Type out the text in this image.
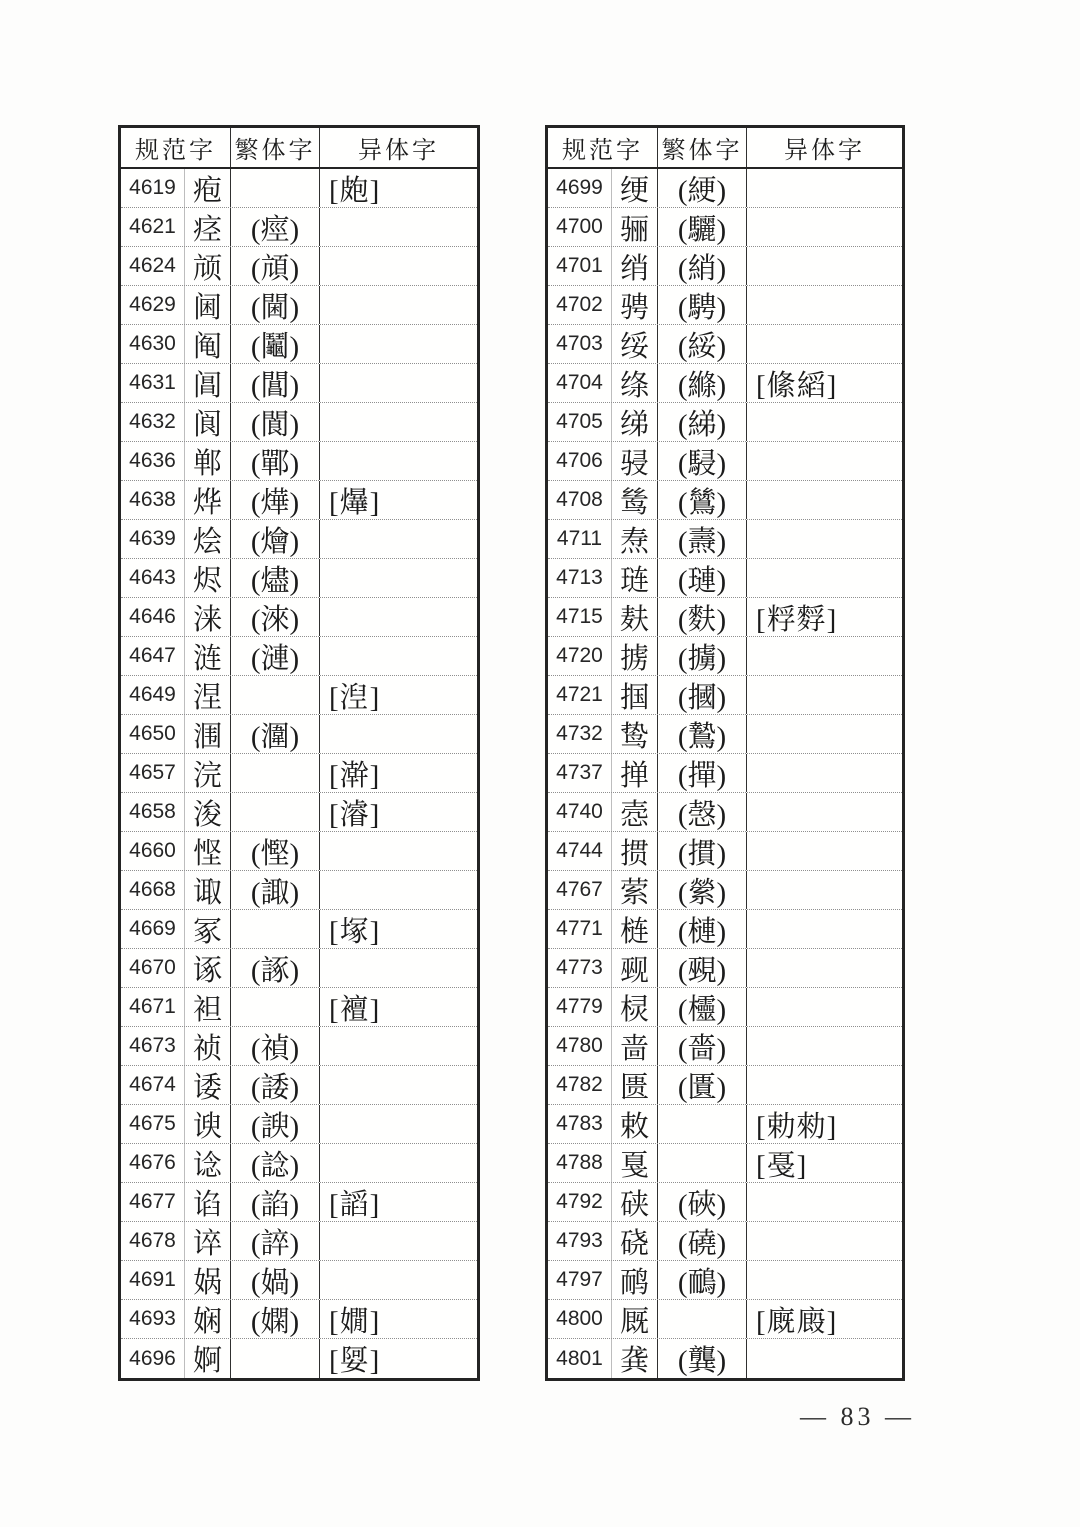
规范字 繁体字	异体字
4619 疱	[皰]
4621 痉 (痙)
4624 颃 (頏)
4629 阃 (閫)
4630 阄 (鬮)
4631 阊 (閶)
4632 阆 (閬)
4636 郸 (鄲)
4638 烨 (燁)	[爗]
4639 烩 (燴)
4643 烬 (燼)
4646 涞 (淶)
4647 涟 (漣)
4649 涅	[湼]
4650 涠 (潿)
4657 浣	[澣]
4658 浚	[濬]
4660 悭 (慳)
4668 诹 (諏)
4669 冢	[塚]
4670 诼 (諑)
4671 袒	[襢]
4673 祯 (禎)
4674 诿 (諉)
4675 谀 (諛)
4676 谂 (諗)
4677 谄 (諂)	[謟]
4678 谇 (誶)
4691 娲 (媧)
4693 娴 (嫻)	[嫺]
4696 婀	[娿]
规范字 繁体字	异体字
4699 绠 (綆)
4700 骊 (驪)
4701 绡 (綃)
4702 骋 (騁)
4703 绥 (綏)
4704 绦 (縧)	[絛縚]
4705 绨 (綈)
4706 骎 (駸)
4708 鸶 (鷥)
4711 焘 (燾)
4713 琏 (璉)
4715 麸 (麩)	[粰䴸]
4720 掳 (擄)
4721 掴 (摑)
4732 鸷 (鷙)
4737 掸 (撣)
4740 悫 (愨)
4744 掼 (摜)
4767 萦 (縈)
4771 梿 (槤)
4773 觋 (覡)
4779 棂 (欞)
4780 啬 (嗇)
4782 匮 (匱)
4783 敕	[勅勑]
4788 戛	[戞]
4792 硖 (硤)
4793 硗 (磽)
4797 鸸 (鴯)
4800 厩	[廐廄]
4801 龚 (龔)
— 83 —
